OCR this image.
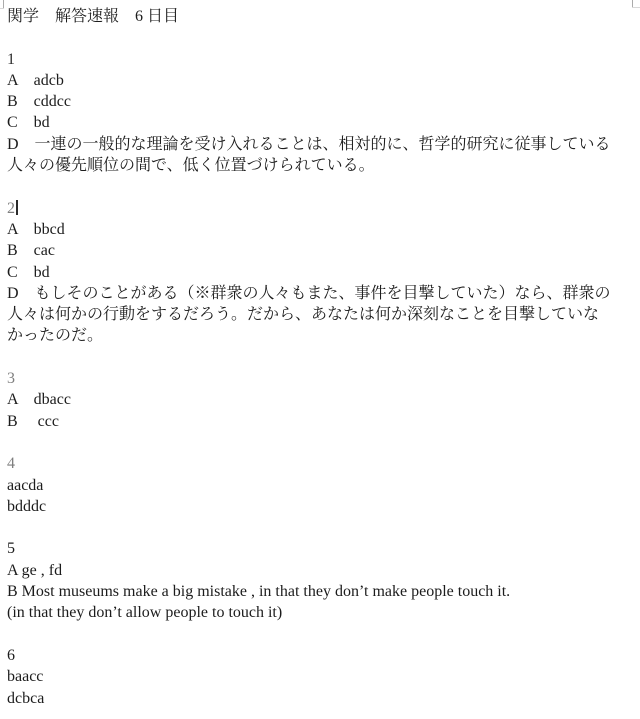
関学　解答速報　6 日目
1
A　adcb
B　cddcc
C　bd
D　一連の一般的な理論を受け入れることは、相対的に、哲学的研究に従事している
人々の優先順位の間で、低く位置づけられている。
2
A　bbcd
B　cac
C　bd
D　もしそのことがある（※群衆の人々もまた、事件を目撃していた）なら、群衆の
人々は何かの行動をするだろう。だから、あなたは何か深刻なことを目撃していな
かったのだ。
3
A　dbacc
B　 ccc
4
aacda
bdddc
5
A ge , fd
B Most museums make a big mistake , in that they don’t make people touch it.
(in that they don’t allow people to touch it)
6
baacc
dcbca
